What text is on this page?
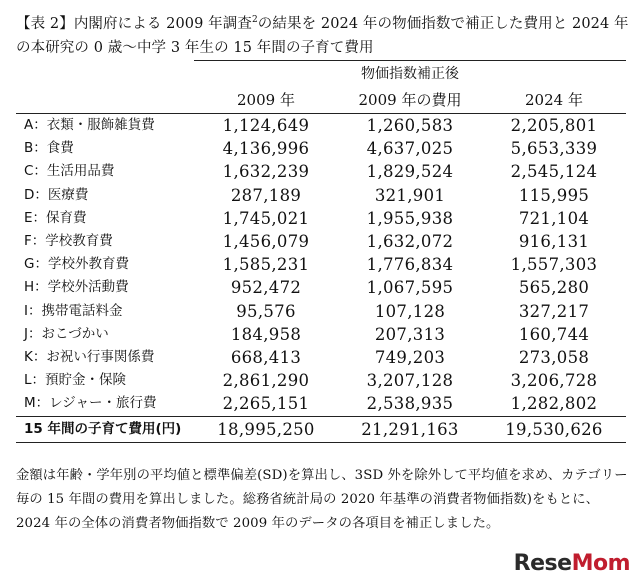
【表 2】内閣府による 2009 年調査$^2$の結果を 2024 年の物価指数で補正した費用と 2024 年の本研究の 0 歳～中学 3 年生の 15 年間の子育て費用
		物価指数補正後	
	2009 年	2009 年の費用	2024 年
A：衣類・服飾雑貨費	1,124,649	1,260,583	2,205,801
B：食費	4,136,996	4,637,025	5,653,339
C：生活用品費	1,632,239	1,829,524	2,545,124
D：医療費	287,189	321,901	115,995
E：保育費	1,745,021	1,955,938	721,104
F：学校教育費	1,456,079	1,632,072	916,131
G：学校外教育費	1,585,231	1,776,834	1,557,303
H：学校外活動費	952,472	1,067,595	565,280
I：携帯電話料金	95,576	107,128	327,217
J：おこづかい	184,958	207,313	160,744
K：お祝い行事関係費	668,413	749,203	273,058
L：預貯金・保険	2,861,290	3,207,128	3,206,728
M：レジャー・旅行費	2,265,151	2,538,935	1,282,802
15 年間の子育て費用(円)	18,995,250	21,291,163	19,530,626
金額は年齢・学年別の平均値と標準偏差(SD)を算出し、3SD 外を除外して平均値を求め、カテゴリー毎の 15 年間の費用を算出しました。総務省統計局の 2020 年基準の消費者物価指数)をもとに、2024 年の全体の消費者物価指数で 2009 年のデータの各項目を補正しました。
ReseMom
